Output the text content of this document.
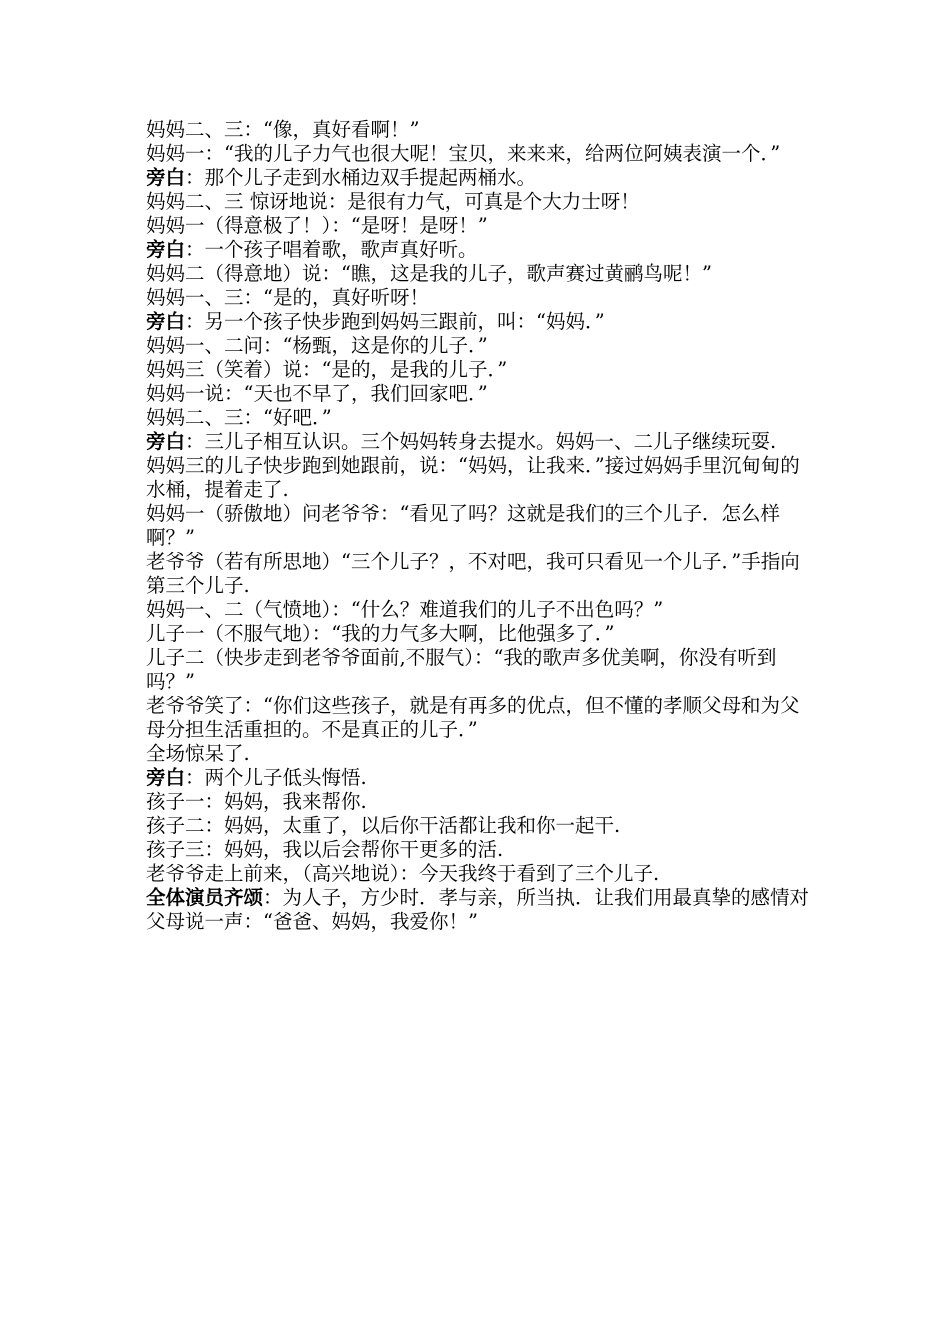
妈妈二、三：“像，真好看啊！”

妈妈一：“我的儿子力气也很大呢！宝贝，来来来，给两位阿姨表演一个．”

旁白：那个儿子走到水桶边双手提起两桶水。

妈妈二、三 惊讶地说：是很有力气，可真是个大力士呀！

妈妈一（得意极了！）：“是呀！是呀！”

旁白：一个孩子唱着歌，歌声真好听。

妈妈二（得意地）说：“瞧，这是我的儿子，歌声赛过黄鹂鸟呢！”

妈妈一、三：“是的，真好听呀！

旁白：另一个孩子快步跑到妈妈三跟前，叫：“妈妈．”

妈妈一、二问：“杨甄，这是你的儿子．”

妈妈三（笑着）说：“是的，是我的儿子．”

妈妈一说：“天也不早了，我们回家吧．”

妈妈二、三：“好吧．”

旁白：三儿子相互认识。三个妈妈转身去提水。妈妈一、二儿子继续玩耍.

妈妈三的儿子快步跑到她跟前，说：“妈妈，让我来．”接过妈妈手里沉甸甸的水桶，提着走了.

妈妈一（骄傲地）问老爷爷：“看见了吗？这就是我们的三个儿子．怎么样啊？”

老爷爷（若有所思地）“三个儿子？，不对吧，我可只看见一个儿子．”手指向第三个儿子.

妈妈一、二（气愤地）：“什么？难道我们的儿子不出色吗？”

儿子一（不服气地）：“我的力气多大啊，比他强多了．”

儿子二（快步走到老爷爷面前,不服气）：“我的歌声多优美啊，你没有听到吗？”

老爷爷笑了：“你们这些孩子，就是有再多的优点，但不懂的孝顺父母和为父母分担生活重担的。不是真正的儿子．”

全场惊呆了.

旁白：两个儿子低头悔悟.

孩子一：妈妈，我来帮你.

孩子二：妈妈，太重了，以后你干活都让我和你一起干.

孩子三：妈妈，我以后会帮你干更多的活.

老爷爷走上前来，（高兴地说）：今天我终于看到了三个儿子.

全体演员齐颂：为人子，方少时．孝与亲，所当执．让我们用最真挚的感情对父母说一声：“爸爸、妈妈，我爱你！”
